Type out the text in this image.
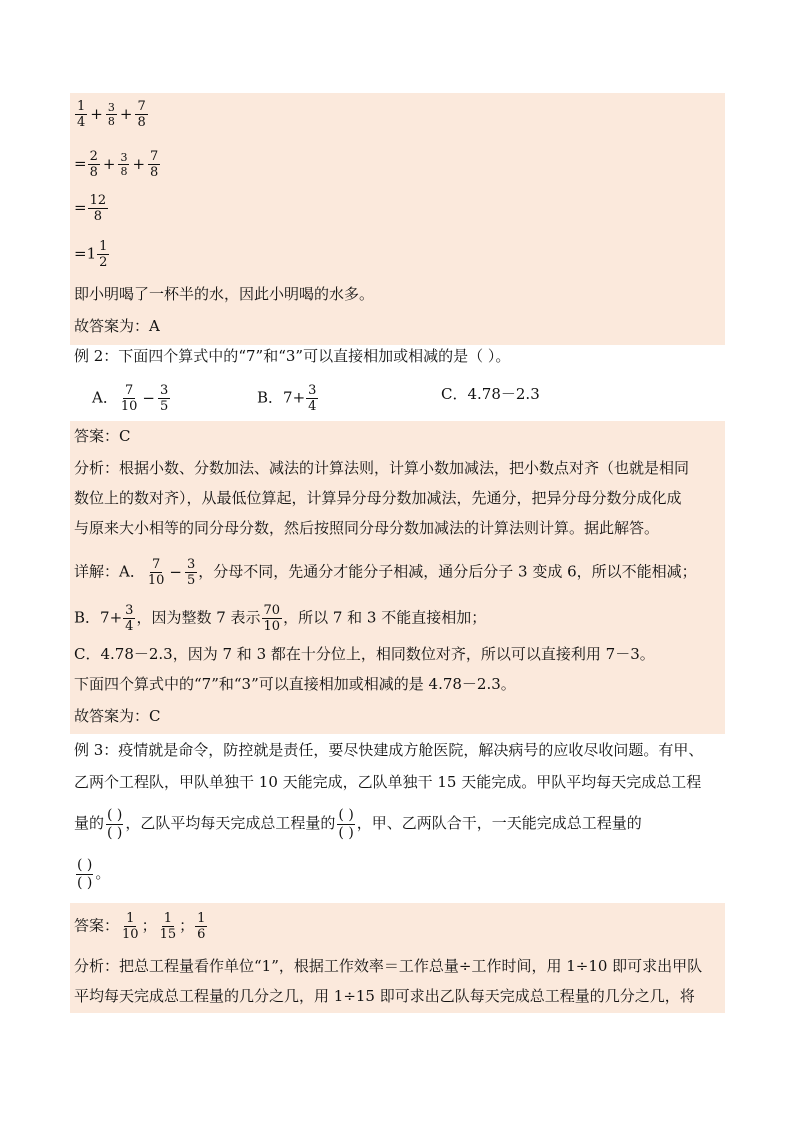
$\frac{1}{4} + \frac{3}{8} + \frac{7}{8}$
= $\frac{2}{8} + \frac{3}{8} + \frac{7}{8}$
= $\frac{12}{8}$
$=1 \frac{1}{2}$
即小明喝了一杯半的水，因此小明喝的水多。
故答案为：A
例 2：下面四个算式中的“7”和“3”可以直接相加或相减的是（ ）。
A． $\frac{7}{10} - \frac{3}{5}$	B．$7+ \frac{3}{4}$	C．4.78－2.3
答案：C
分析：根据小数、分数加法、减法的计算法则，计算小数加减法，把小数点对齐（也就是相同
数位上的数对齐），从最低位算起，计算异分母分数加减法，先通分，把异分母分数分成化成
与原来大小相等的同分母分数，然后按照同分母分数加减法的计算法则计算。据此解答。
详解：A． $\frac{7}{10} - \frac{3}{5}$ ，分母不同，先通分才能分子相减，通分后分子 3 变成 6，所以不能相减；
B．$7+ \frac{3}{4}$ ，因为整数 7 表示 $\frac{70}{10}$ ，所以 7 和 3 不能直接相加；
C．4.78－2.3，因为 7 和 3 都在十分位上，相同数位对齐，所以可以直接利用 7－3。
下面四个算式中的“7”和“3”可以直接相加或相减的是 4.78－2.3。
故答案为：C
例 3：疫情就是命令，防控就是责任，要尽快建成方舱医院，解决病号的应收尽收问题。有甲、
乙两个工程队，甲队单独干 10 天能完成，乙队单独干 15 天能完成。甲队平均每天完成总工程
量的 ( )
( )
，乙队平均每天完成总工程量的 ( )
( )
，甲、乙两队合干，一天能完成总工程量的
( )
( )
。
答案： $\frac{1}{10}$ ； $\frac{1}{15}$ ； $\frac{1}{6}$
分析：把总工程量看作单位“1”，根据工作效率＝工作总量÷工作时间，用 1÷10 即可求出甲队
平均每天完成总工程量的几分之几，用 1÷15 即可求出乙队每天完成总工程量的几分之几，将
